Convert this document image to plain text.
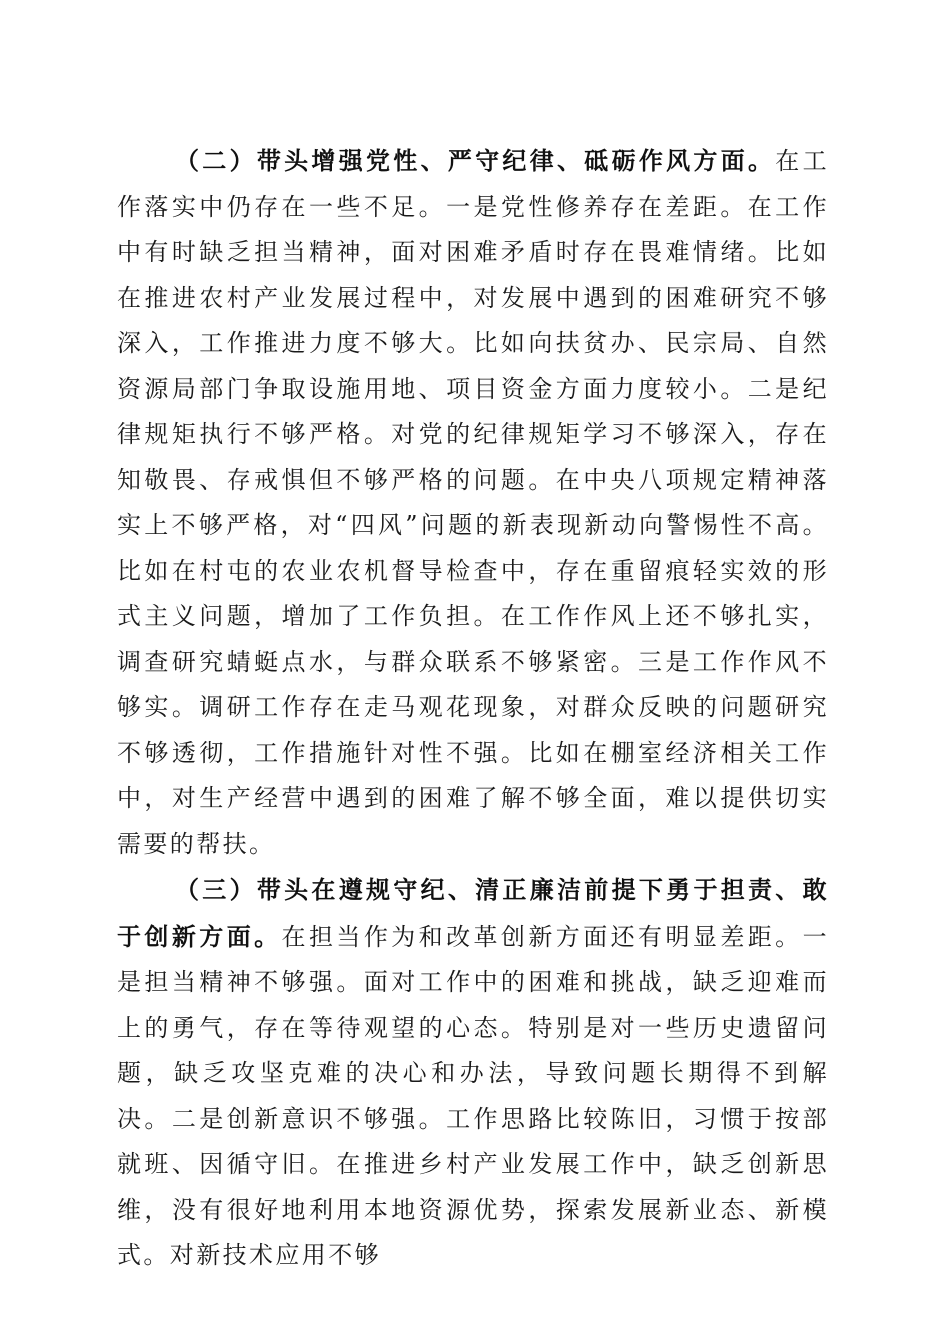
（二）带头增强党性、严守纪律、砥砺作风方面。在工作落实中仍存在一些不足。一是党性修养存在差距。在工作中有时缺乏担当精神，面对困难矛盾时存在畏难情绪。比如在推进农村产业发展过程中，对发展中遇到的困难研究不够深入，工作推进力度不够大。比如向扶贫办、民宗局、自然资源局部门争取设施用地、项目资金方面力度较小。二是纪律规矩执行不够严格。对党的纪律规矩学习不够深入，存在知敬畏、存戒惧但不够严格的问题。在中央八项规定精神落实上不够严格，对“四风”问题的新表现新动向警惕性不高。比如在村屯的农业农机督导检查中，存在重留痕轻实效的形式主义问题，增加了工作负担。在工作作风上还不够扎实，调查研究蜻蜓点水，与群众联系不够紧密。三是工作作风不够实。调研工作存在走马观花现象，对群众反映的问题研究不够透彻，工作措施针对性不强。比如在棚室经济相关工作中，对生产经营中遇到的困难了解不够全面，难以提供切实需要的帮扶。

（三）带头在遵规守纪、清正廉洁前提下勇于担责、敢于创新方面。在担当作为和改革创新方面还有明显差距。一是担当精神不够强。面对工作中的困难和挑战，缺乏迎难而上的勇气，存在等待观望的心态。特别是对一些历史遗留问题，缺乏攻坚克难的决心和办法，导致问题长期得不到解决。二是创新意识不够强。工作思路比较陈旧，习惯于按部就班、因循守旧。在推进乡村产业发展工作中，缺乏创新思维，没有很好地利用本地资源优势，探索发展新业态、新模式。对新技术应用不够
